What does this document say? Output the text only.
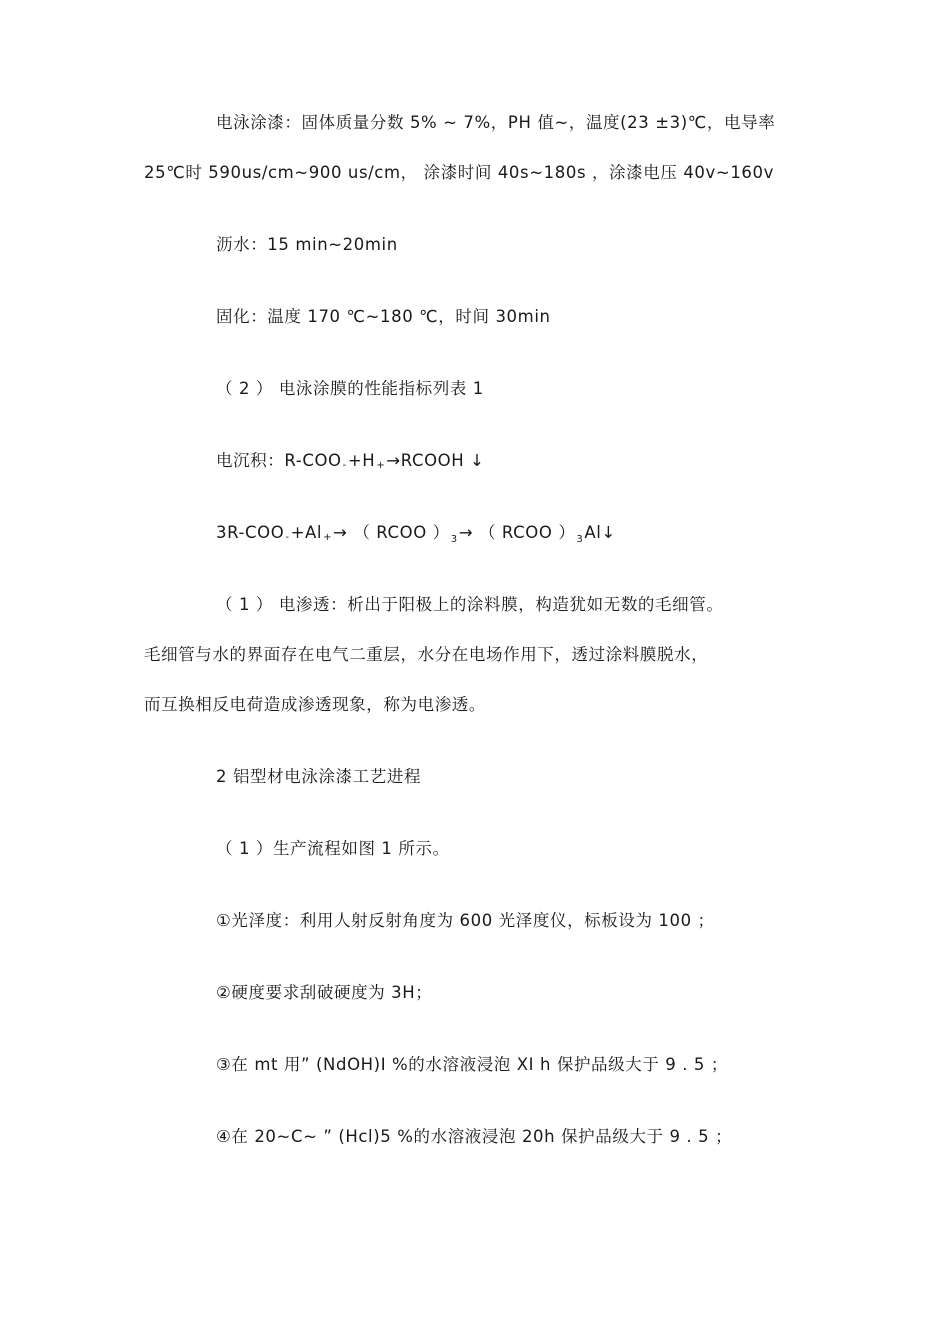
电泳涂漆：固体质量分数 5% ~ 7%，PH 值~，温度(23 ±3)℃，电导率
25℃时 590us/cm~900 us/cm， 涂漆时间 40s~180s ，涂漆电压 40v~160v
沥水：15 min~20min
固化：温度 170 ℃~180 ℃，时间 30min
（ 2 ） 电泳涂膜的性能指标列表 1
电沉积：R-COO-+H+→RCOOH ↓
3R-COO-+Al+→ （ RCOO ）$_3\to$ （ RCOO ）$_3Al↓$
（ 1 ） 电渗透：析出于阳极上的涂料膜，构造犹如无数的毛细管。
毛细管与水的界面存在电气二重层，水分在电场作用下，透过涂料膜脱水，
而互换相反电荷造成渗透现象，称为电渗透。
2 铝型材电泳涂漆工艺进程
（ 1 ）生产流程如图 1 所示。
①光泽度：利用人射反射角度为 600 光泽度仪，标板设为 100 ；
②硬度要求刮破硬度为 3H；
③在 mt 用” (NdOH)I %的水溶液浸泡 XI h 保护品级大于 9 . 5 ；
④在 20~C~ ” (Hcl)5 %的水溶液浸泡 20h 保护品级大于 9 . 5 ；
